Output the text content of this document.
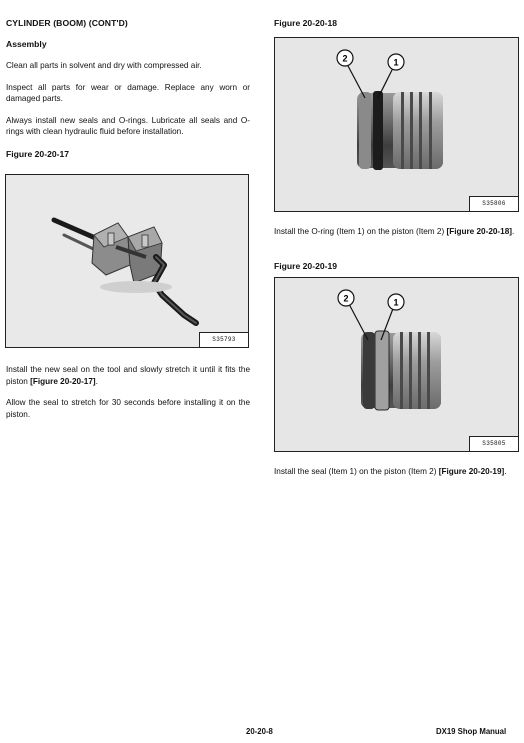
CYLINDER (BOOM) (CONT'D)
Assembly

Clean all parts in solvent and dry with compressed air.

Inspect all parts for wear or damage. Replace any worn or damaged parts.

Always install new seals and O-rings. Lubricate all seals and O-rings with clean hydraulic fluid before installation.

Figure 20-20-17
S35793

Install the new seal on the tool and slowly stretch it until it fits the piston [Figure 20-20-17].

Allow the seal to stretch for 30 seconds before installing it on the piston.

Figure 20-20-18
2	1
S35806

Install the O-ring (Item 1) on the piston (Item 2) [Figure 20-20-18].

Figure 20-20-19
2	1
S35805

Install the seal (Item 1) on the piston (Item 2) [Figure 20-20-19].

20-20-8	DX19 Shop Manual
